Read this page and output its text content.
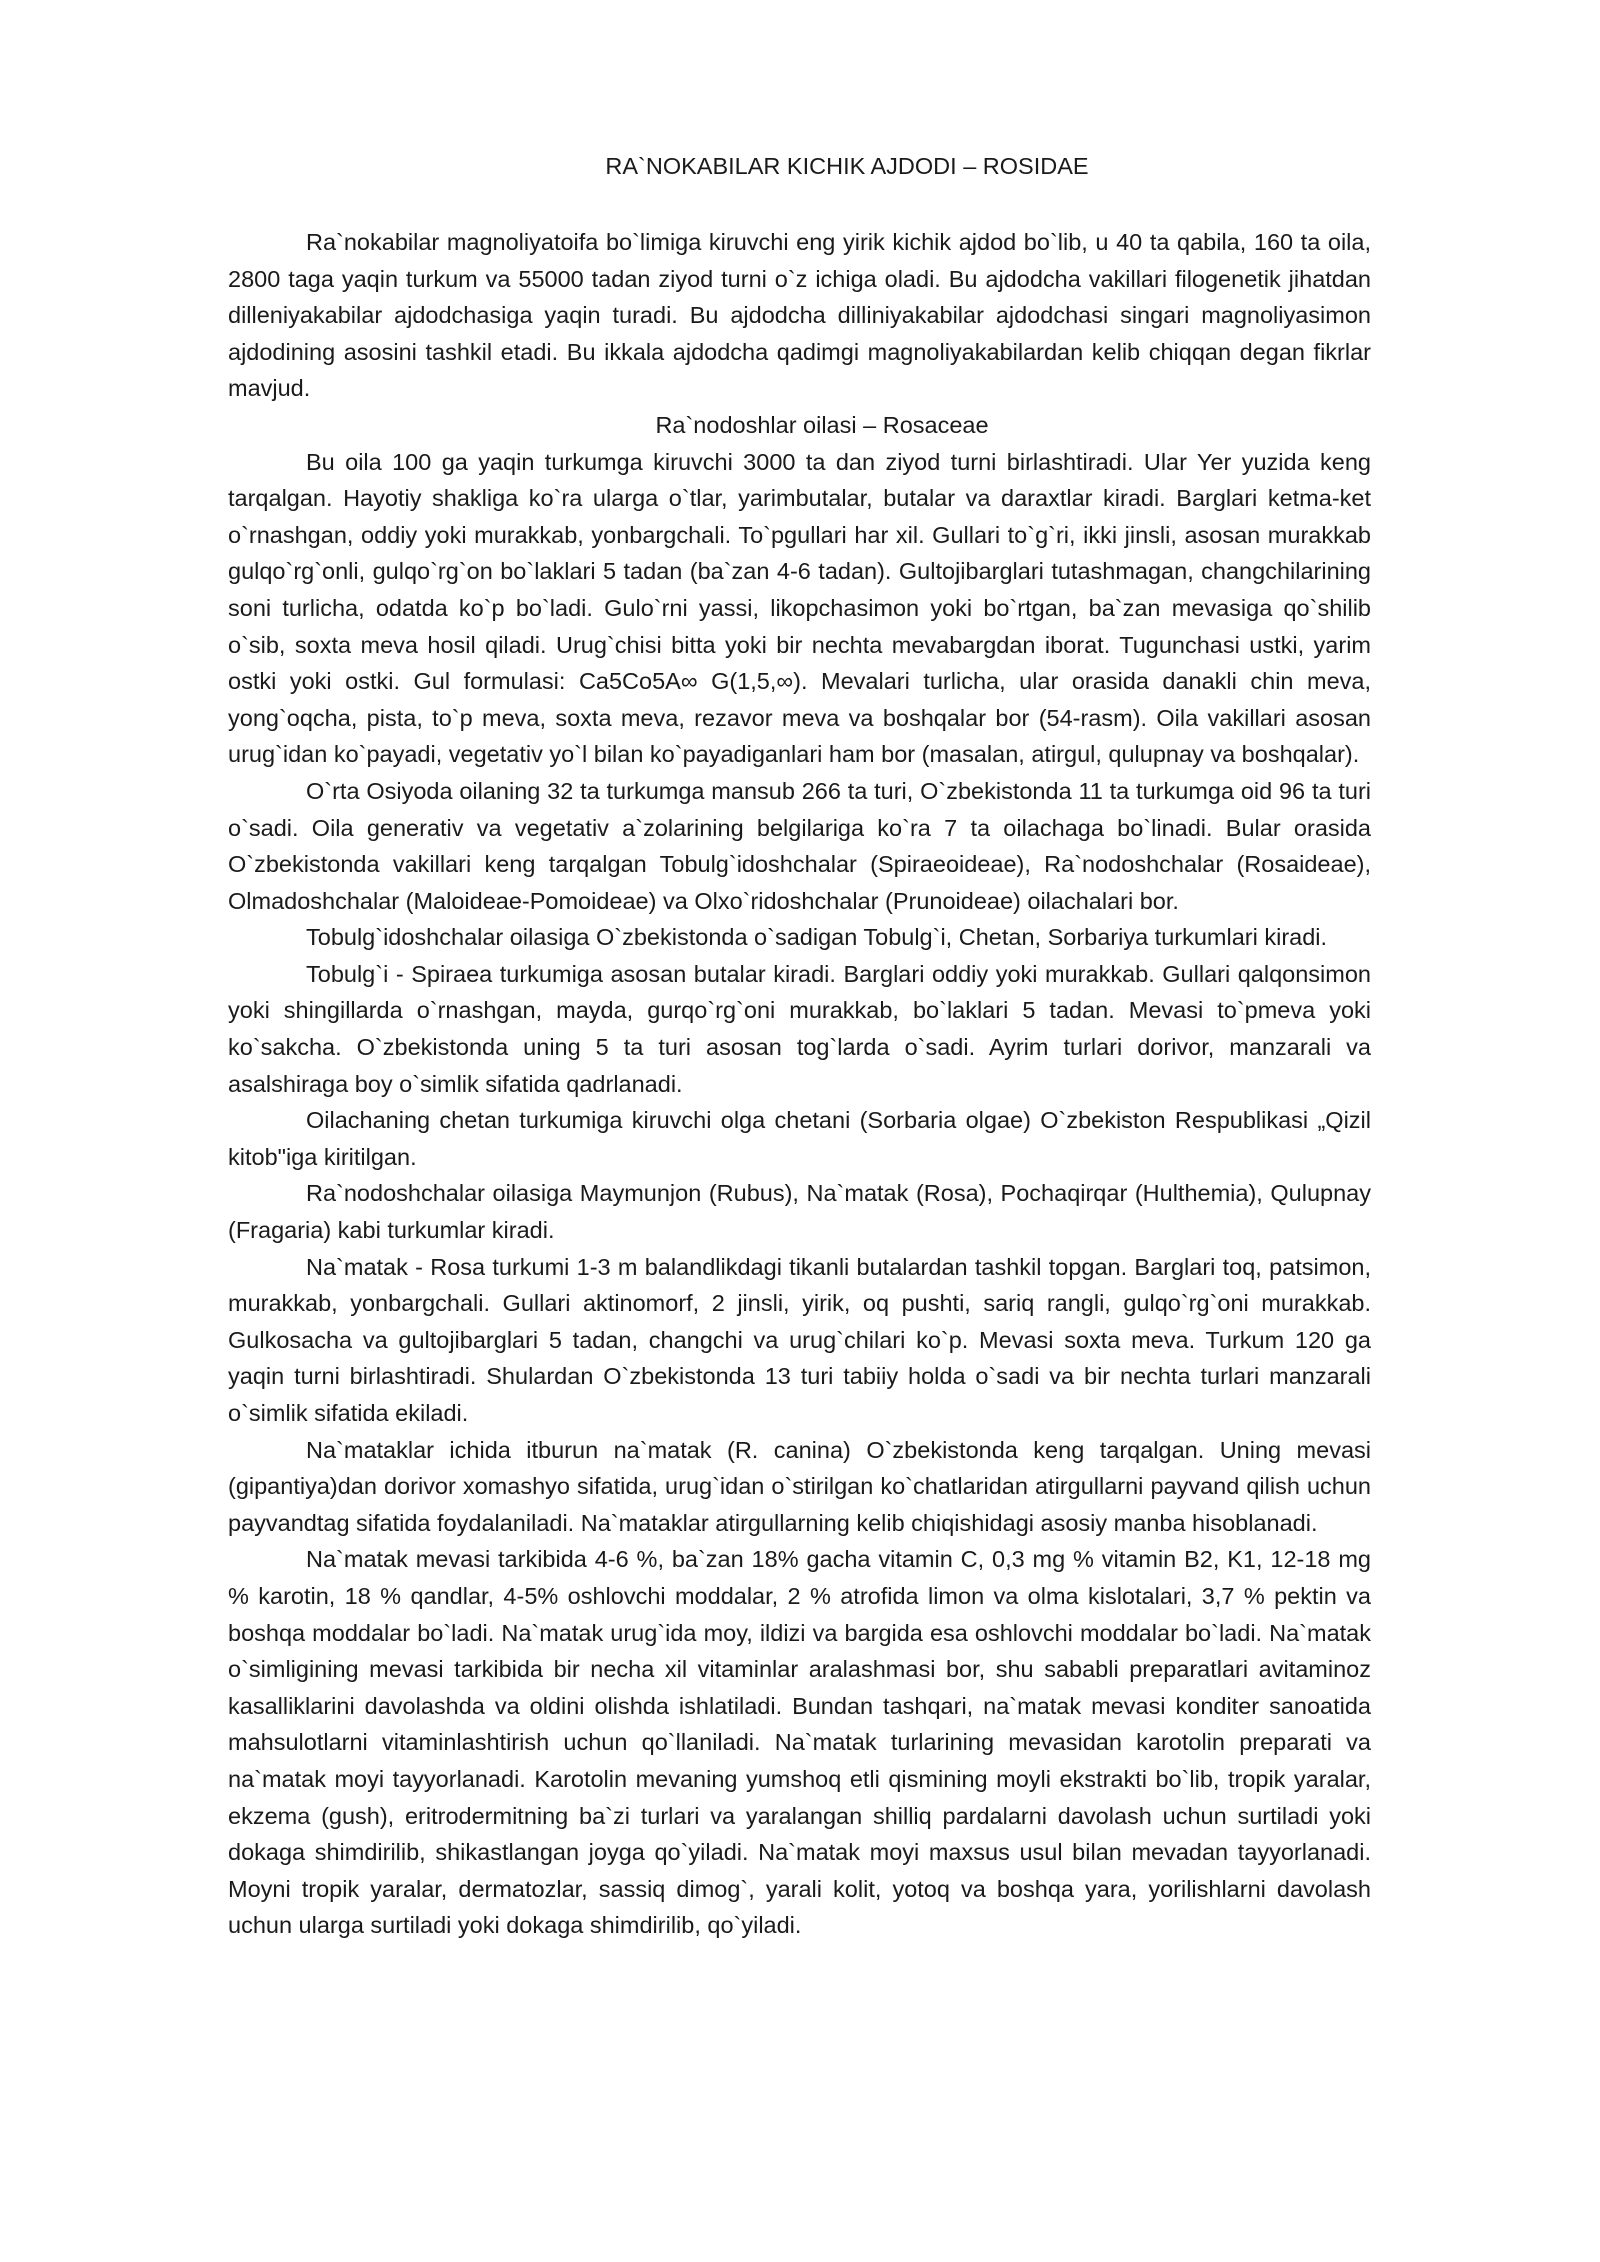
RA`NOKABILAR KICHIK AJDODI – ROSIDAE

Ra`nokabilar magnoliyatoifa bo`limiga kiruvchi eng yirik kichik ajdod bo`lib, u 40 ta qabila, 160 ta oila, 2800 taga yaqin turkum va 55000 tadan ziyod turni o`z ichiga oladi. Bu ajdodcha vakillari filogenetik jihatdan dilleniyakabilar ajdodchasiga yaqin turadi. Bu ajdodcha dilliniyakabilar ajdodchasi singari magnoliyasimon ajdodining asosini tashkil etadi. Bu ikkala ajdodcha qadimgi magnoliyakabilardan kelib chiqqan degan fikrlar mavjud.

Ra`nodoshlar oilasi – Rosaceae

Bu oila 100 ga yaqin turkumga kiruvchi 3000 ta dan ziyod turni birlashtiradi. Ular Yer yuzida keng tarqalgan. Hayotiy shakliga ko`ra ularga o`tlar, yarimbutalar, butalar va daraxtlar kiradi. Barglari ketma-ket o`rnashgan, oddiy yoki murakkab, yonbargchali. To`pgullari har xil. Gullari to`g`ri, ikki jinsli, asosan murakkab gulqo`rg`onli, gulqo`rg`on bo`laklari 5 tadan (ba`zan 4-6 tadan). Gultojibarglari tutashmagan, changchilarining soni turlicha, odatda ko`p bo`ladi. Gulo`rni yassi, likopchasimon yoki bo`rtgan, ba`zan mevasiga qo`shilib o`sib, soxta meva hosil qiladi. Urug`chisi bitta yoki bir nechta mevabargdan iborat. Tugunchasi ustki, yarim ostki yoki ostki. Gul formulasi: Ca5Co5A∞ G(1,5,∞). Mevalari turlicha, ular orasida danakli chin meva, yong`oqcha, pista, to`p meva, soxta meva, rezavor meva va boshqalar bor (54-rasm). Oila vakillari asosan urug`idan ko`payadi, vegetativ yo`l bilan ko`payadiganlari ham bor (masalan, atirgul, qulupnay va boshqalar).

O`rta Osiyoda oilaning 32 ta turkumga mansub 266 ta turi, O`zbekistonda 11 ta turkumga oid 96 ta turi o`sadi. Oila generativ va vegetativ a`zolarining belgilariga ko`ra 7 ta oilachaga bo`linadi. Bular orasida O`zbekistonda vakillari keng tarqalgan Tobulg`idoshchalar (Spiraeoideae), Ra`nodoshchalar (Rosaideae), Olmadoshchalar (Maloideae-Pomoideae) va Olxo`ridoshchalar (Prunoideae) oilachalari bor.

Tobulg`idoshchalar oilasiga O`zbekistonda o`sadigan Tobulg`i, Chetan, Sorbariya turkumlari kiradi.

Tobulg`i - Spiraea turkumiga asosan butalar kiradi. Barglari oddiy yoki murakkab. Gullari qalqonsimon yoki shingillarda o`rnashgan, mayda, gurqo`rg`oni murakkab, bo`laklari 5 tadan. Mevasi to`pmeva yoki ko`sakcha. O`zbekistonda uning 5 ta turi asosan tog`larda o`sadi. Ayrim turlari dorivor, manzarali va asalshiraga boy o`simlik sifatida qadrlanadi.

Oilachaning chetan turkumiga kiruvchi olga chetani (Sorbaria olgae) O`zbekiston Respublikasi „Qizil kitob"iga kiritilgan.

Ra`nodoshchalar oilasiga Maymunjon (Rubus), Na`matak (Rosa), Pochaqirqar (Hulthemia), Qulupnay (Fragaria) kabi turkumlar kiradi.

Na`matak - Rosa turkumi 1-3 m balandlikdagi tikanli butalardan tashkil topgan. Barglari toq, patsimon, murakkab, yonbargchali. Gullari aktinomorf, 2 jinsli, yirik, oq pushti, sariq rangli, gulqo`rg`oni murakkab. Gulkosacha va gultojibarglari 5 tadan, changchi va urug`chilari ko`p. Mevasi soxta meva. Turkum 120 ga yaqin turni birlashtiradi. Shulardan O`zbekistonda 13 turi tabiiy holda o`sadi va bir nechta turlari manzarali o`simlik sifatida ekiladi.

Na`mataklar ichida itburun na`matak (R. canina) O`zbekistonda keng tarqalgan. Uning mevasi (gipantiya)dan dorivor xomashyo sifatida, urug`idan o`stirilgan ko`chatlaridan atirgullarni payvand qilish uchun payvandtag sifatida foydalaniladi. Na`mataklar atirgullarning kelib chiqishidagi asosiy manba hisoblanadi.

Na`matak mevasi tarkibida 4-6 %, ba`zan 18% gacha vitamin C, 0,3 mg % vitamin B2, K1, 12-18 mg % karotin, 18 % qandlar, 4-5% oshlovchi moddalar, 2 % atrofida limon va olma kislotalari, 3,7 % pektin va boshqa moddalar bo`ladi. Na`matak urug`ida moy, ildizi va bargida esa oshlovchi moddalar bo`ladi. Na`matak o`simligining mevasi tarkibida bir necha xil vitaminlar aralashmasi bor, shu sababli preparatlari avitaminoz kasalliklarini davolashda va oldini olishda ishlatiladi. Bundan tashqari, na`matak mevasi konditer sanoatida mahsulotlarni vitaminlashtirish uchun qo`llaniladi. Na`matak turlarining mevasidan karotolin preparati va na`matak moyi tayyorlanadi. Karotolin mevaning yumshoq etli qismining moyli ekstrakti bo`lib, tropik yaralar, ekzema (gush), eritrodermitning ba`zi turlari va yaralangan shilliq pardalarni davolash uchun surtiladi yoki dokaga shimdirilib, shikastlangan joyga qo`yiladi. Na`matak moyi maxsus usul bilan mevadan tayyorlanadi. Moyni tropik yaralar, dermatozlar, sassiq dimog`, yarali kolit, yotoq va boshqa yara, yorilishlarni davolash uchun ularga surtiladi yoki dokaga shimdirilib, qo`yiladi.
